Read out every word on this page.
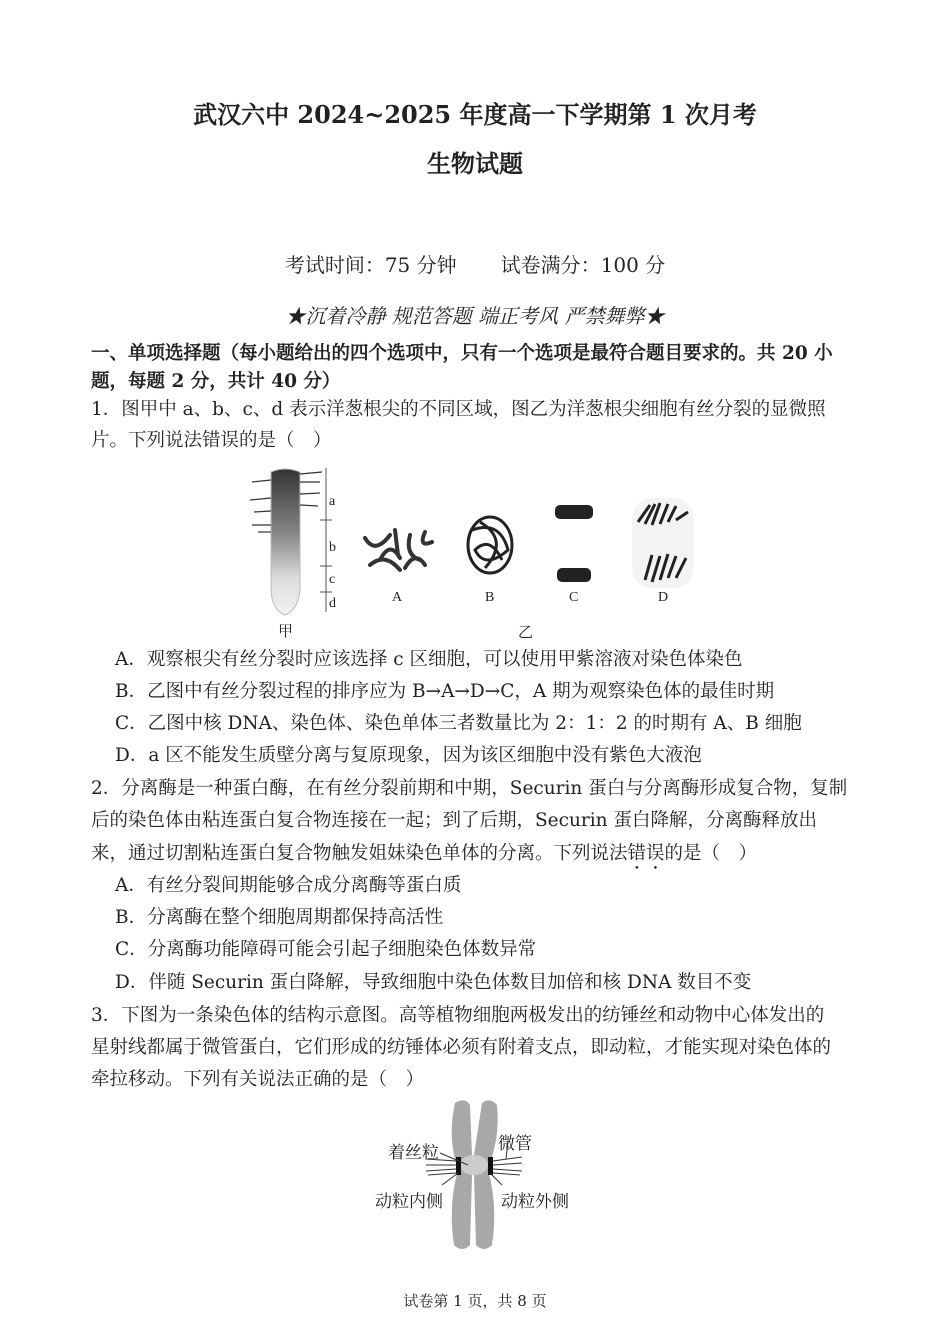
武汉六中 2024~2025 年度高一下学期第 1 次月考
生物试题
考试时间：75 分钟 试卷满分：100 分
★沉着冷静 规范答题 端正考风 严禁舞弊★
一、单项选择题（每小题给出的四个选项中，只有一个选项是最符合题目要求的。共 20 小
题，每题 2 分，共计 40 分）
1．图甲中 a、b、c、d 表示洋葱根尖的不同区域，图乙为洋葱根尖细胞有丝分裂的显微照
片。下列说法错误的是（　）
a
b
c
d	A	B	C	D
甲	乙
A．观察根尖有丝分裂时应该选择 c 区细胞，可以使用甲紫溶液对染色体染色
B．乙图中有丝分裂过程的排序应为 B→A→D→C，A 期为观察染色体的最佳时期
C．乙图中核 DNA、染色体、染色单体三者数量比为 2：1：2 的时期有 A、B 细胞
D．a 区不能发生质壁分离与复原现象，因为该区细胞中没有紫色大液泡
2．分离酶是一种蛋白酶，在有丝分裂前期和中期，Securin 蛋白与分离酶形成复合物，复制
后的染色体由粘连蛋白复合物连接在一起；到了后期，Securin 蛋白降解，分离酶释放出
来，通过切割粘连蛋白复合物触发姐妹染色单体的分离。下列说法错误的是（　）
A．有丝分裂间期能够合成分离酶等蛋白质
B．分离酶在整个细胞周期都保持高活性
C．分离酶功能障碍可能会引起子细胞染色体数异常
D．伴随 Securin 蛋白降解，导致细胞中染色体数目加倍和核 DNA 数目不变
3．下图为一条染色体的结构示意图。高等植物细胞两极发出的纺锤丝和动物中心体发出的
星射线都属于微管蛋白，它们形成的纺锤体必须有附着支点，即动粒，才能实现对染色体的
牵拉移动。下列有关说法正确的是（　）
着丝粒	微管
动粒内侧	动粒外侧
试卷第 1 页，共 8 页
